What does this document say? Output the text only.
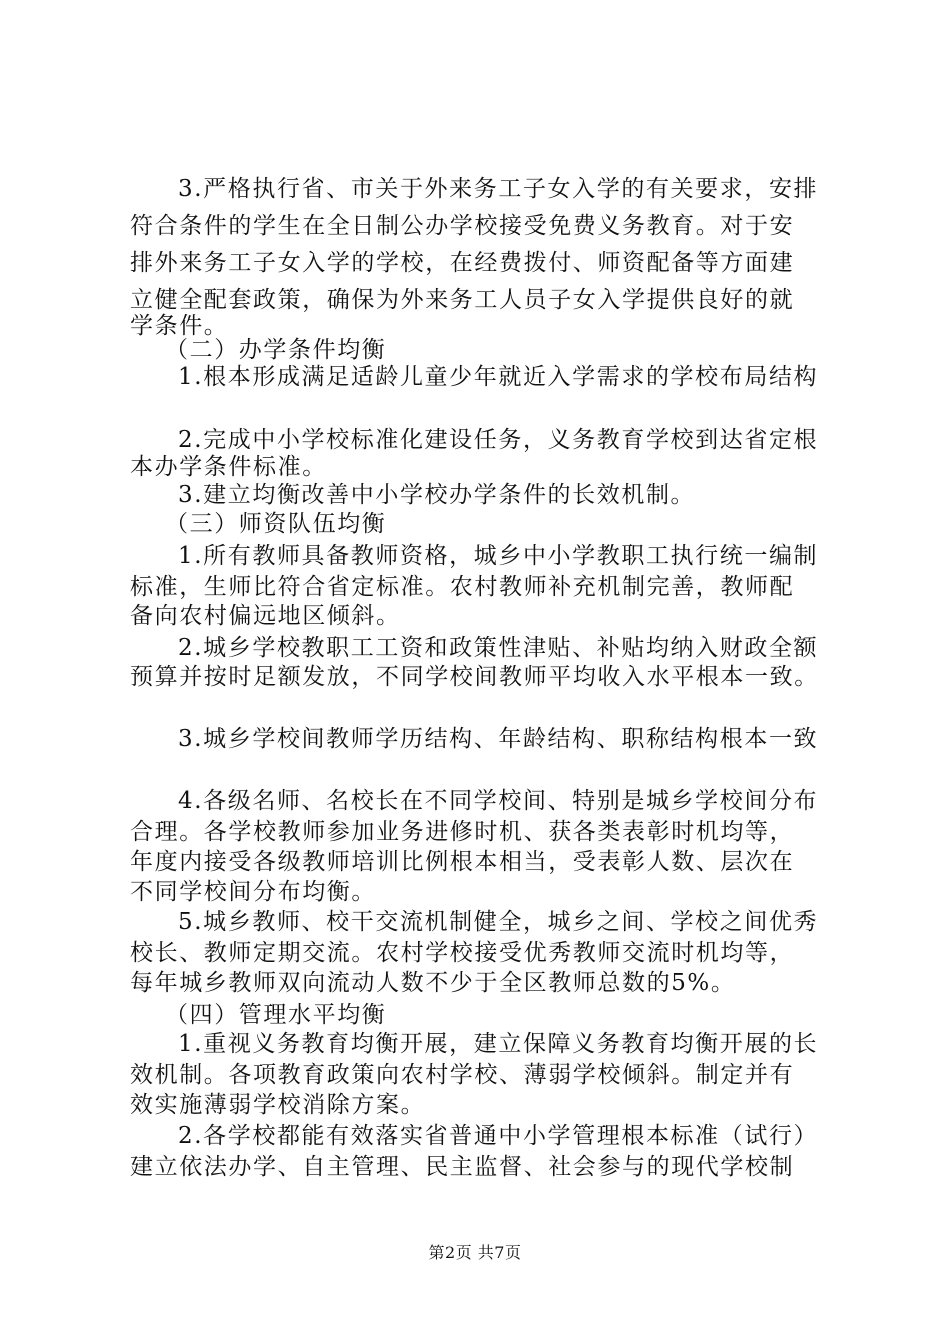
3.严格执行省、市关于外来务工子女入学的有关要求，安排
符合条件的学生在全日制公办学校接受免费义务教育。对于安
排外来务工子女入学的学校，在经费拨付、师资配备等方面建
立健全配套政策，确保为外来务工人员子女入学提供良好的就
学条件。
（二）办学条件均衡
1.根本形成满足适龄儿童少年就近入学需求的学校布局结构
2.完成中小学校标准化建设任务，义务教育学校到达省定根
本办学条件标准。
3.建立均衡改善中小学校办学条件的长效机制。
（三）师资队伍均衡
1.所有教师具备教师资格，城乡中小学教职工执行统一编制
标准，生师比符合省定标准。农村教师补充机制完善，教师配
备向农村偏远地区倾斜。
2.城乡学校教职工工资和政策性津贴、补贴均纳入财政全额
预算并按时足额发放，不同学校间教师平均收入水平根本一致。
3.城乡学校间教师学历结构、年龄结构、职称结构根本一致
4.各级名师、名校长在不同学校间、特别是城乡学校间分布
合理。各学校教师参加业务进修时机、获各类表彰时机均等，
年度内接受各级教师培训比例根本相当，受表彰人数、层次在
不同学校间分布均衡。
5.城乡教师、校干交流机制健全，城乡之间、学校之间优秀
校长、教师定期交流。农村学校接受优秀教师交流时机均等，
每年城乡教师双向流动人数不少于全区教师总数的5%。
（四）管理水平均衡
1.重视义务教育均衡开展，建立保障义务教育均衡开展的长
效机制。各项教育政策向农村学校、薄弱学校倾斜。制定并有
效实施薄弱学校消除方案。
2.各学校都能有效落实省普通中小学管理根本标准（试行）
建立依法办学、自主管理、民主监督、社会参与的现代学校制
第2页 共7页
